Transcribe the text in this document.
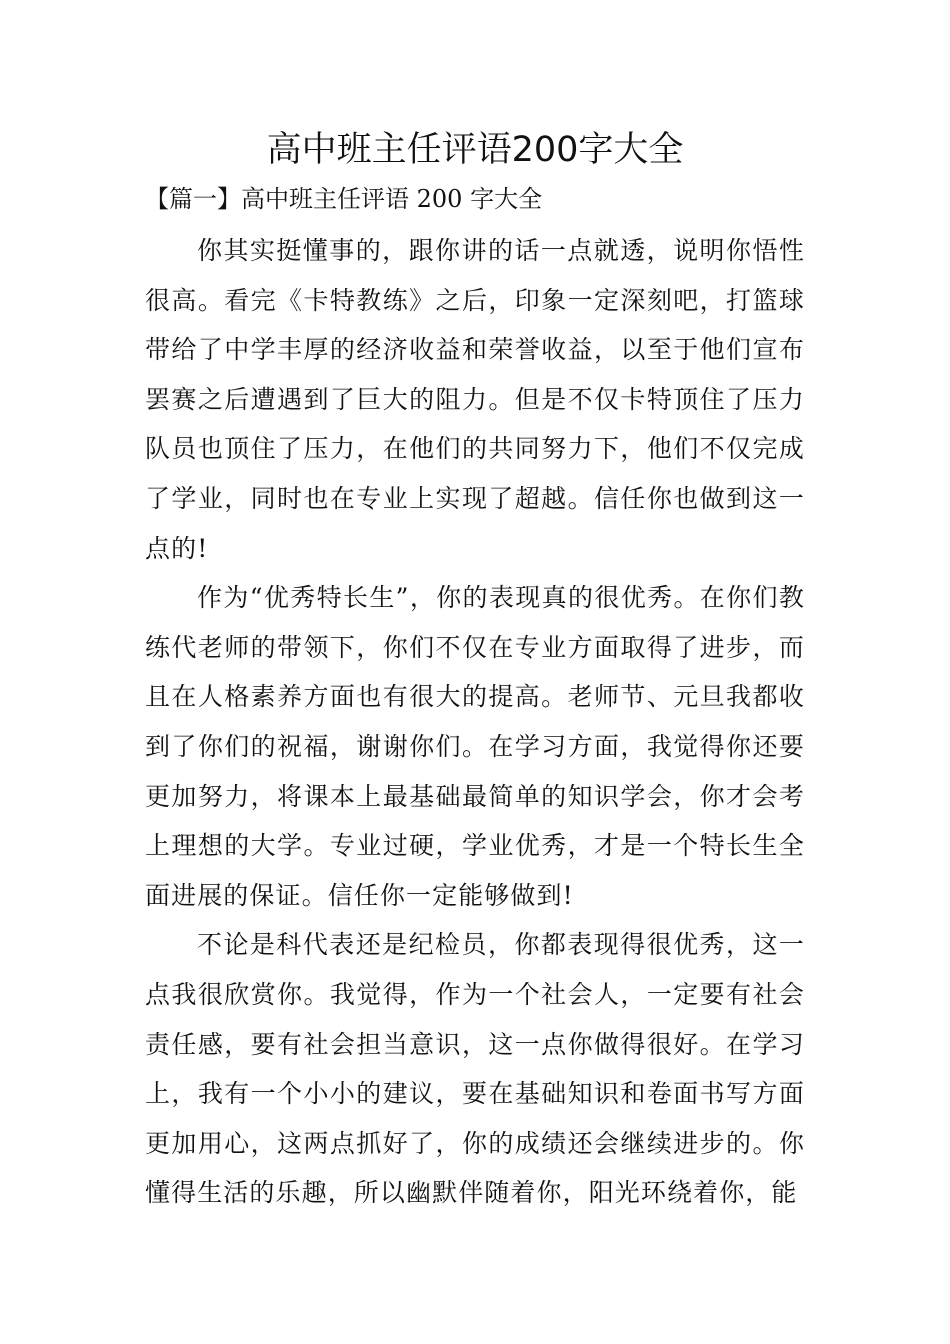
高中班主任评语200字大全
【篇一】高中班主任评语 200 字大全

你其实挺懂事的，跟你讲的话一点就透，说明你悟性很高。看完《卡特教练》之后，印象一定深刻吧，打篮球带给了中学丰厚的经济收益和荣誉收益，以至于他们宣布罢赛之后遭遇到了巨大的阻力。但是不仅卡特顶住了压力队员也顶住了压力，在他们的共同努力下，他们不仅完成了学业，同时也在专业上实现了超越。信任你也做到这一点的!

作为“优秀特长生”，你的表现真的很优秀。在你们教练代老师的带领下，你们不仅在专业方面取得了进步，而且在人格素养方面也有很大的提高。老师节、元旦我都收到了你们的祝福，谢谢你们。在学习方面，我觉得你还要更加努力，将课本上最基础最简单的知识学会，你才会考上理想的大学。专业过硬，学业优秀，才是一个特长生全面进展的保证。信任你一定能够做到!

不论是科代表还是纪检员，你都表现得很优秀，这一点我很欣赏你。我觉得，作为一个社会人，一定要有社会责任感，要有社会担当意识，这一点你做得很好。在学习上，我有一个小小的建议，要在基础知识和卷面书写方面更加用心，这两点抓好了，你的成绩还会继续进步的。你懂得生活的乐趣，所以幽默伴随着你，阳光环绕着你，能
